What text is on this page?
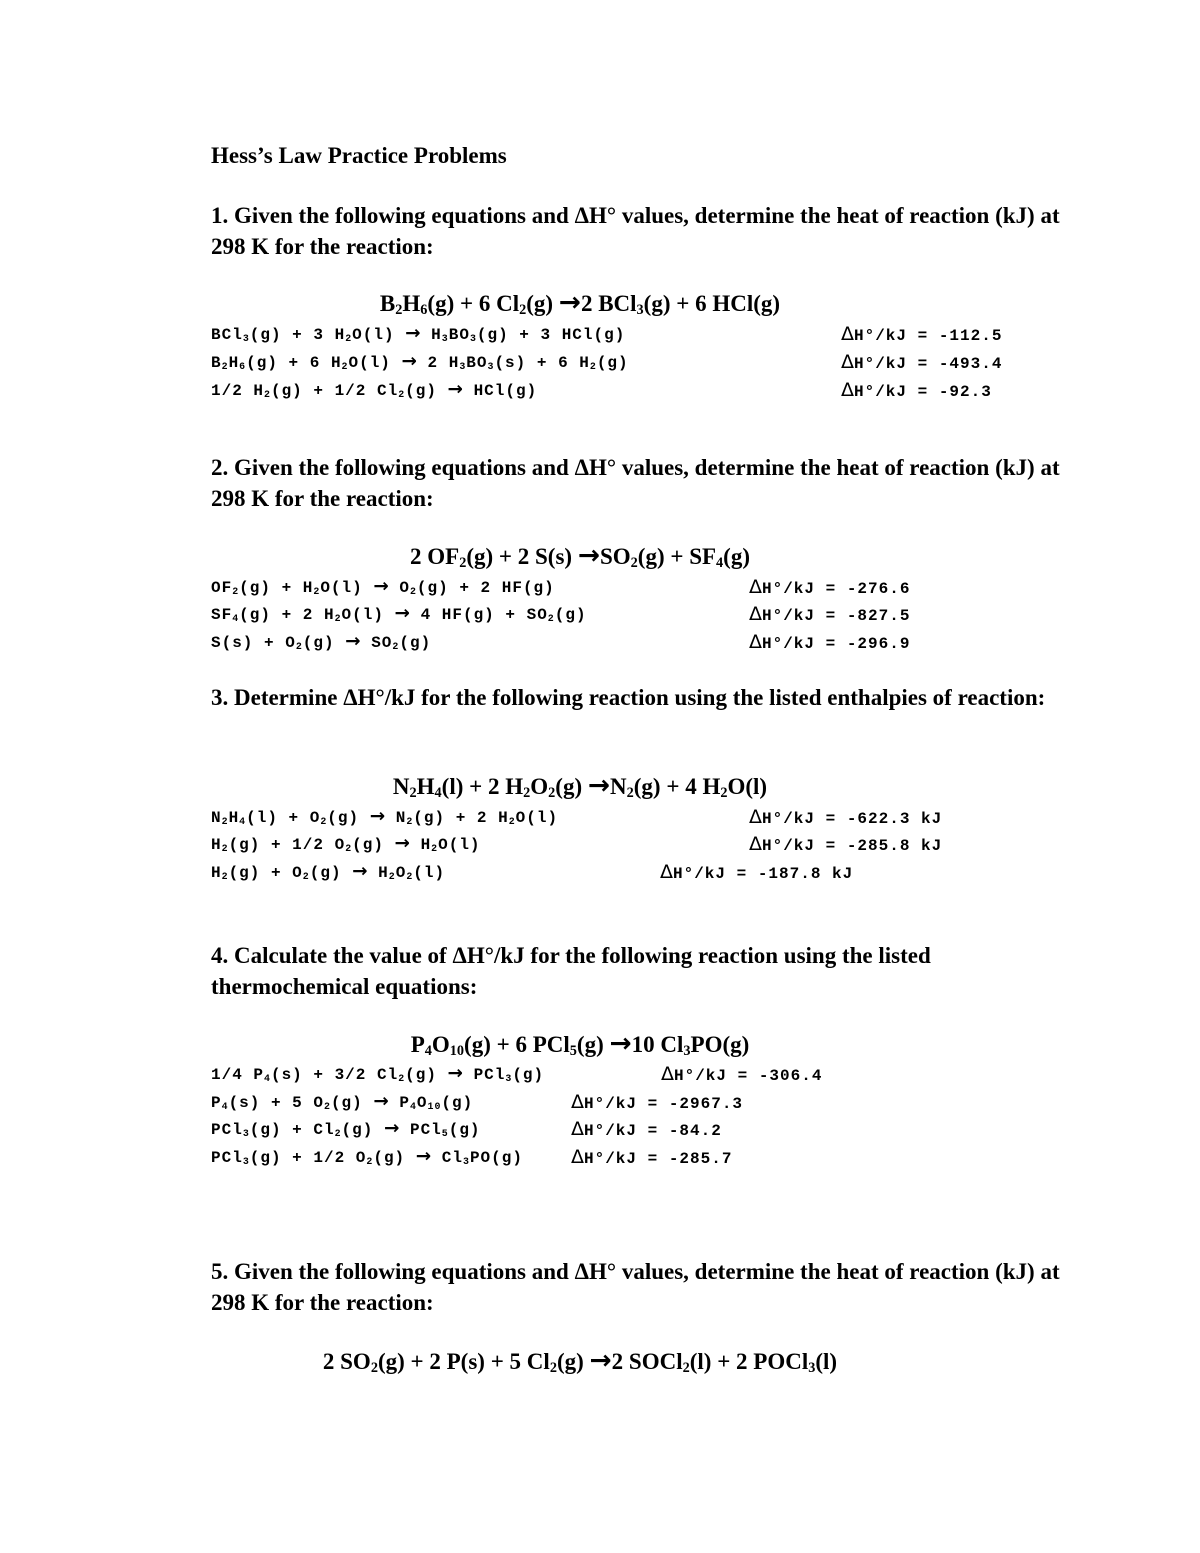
Hess’s Law Practice Problems
1. Given the following equations and ΔH° values, determine the heat of reaction (kJ) at 298 K for the reaction:
$B_2H_6(g) + 6$ $Cl_2(g) \to 2$ BCl$_3$(g) + 6 HCl(g)
BCl$_3$(g) + 3 $H_2O(l) \to H_3BO_3(g) + 3$ HCl(g)	ΔH°/kJ = -112.5
$B_2H_6(g) + 6$ $H_2O(l) \to 2$ $H_3BO_3(s) + 6$ $H_2(g)$	ΔH°/kJ = -493.4
1/2 $H_2(g) + 1/2$ $Cl_2(g) \to HCl(g)$	ΔH°/kJ = -92.3
2. Given the following equations and ΔH° values, determine the heat of reaction (kJ) at 298 K for the reaction:
2 $OF_2(g) + 2$ $S(s) \to SO_2(g) + SF_4(g)$
$OF_2(g) + H_2O(l) \to O_2(g) + 2$ HF(g)	ΔH°/kJ = -276.6
$SF_4(g) + 2$ $H_2O(l) \to 4$ $HF(g) + SO_2(g)$	ΔH°/kJ = -827.5
$S(s) + O_2(g) \to SO_2(g)$	ΔH°/kJ = -296.9
3. Determine ΔH°/kJ for the following reaction using the listed enthalpies of reaction:
$N_2H_4(l) + 2$ $H_2O_2(g) \to N_2(g) + 4$ $H_2O(l)$
$N_2H_4(l) + O_2(g) \to N_2(g) + 2$ $H_2O(l)$	ΔH°/kJ = -622.3 kJ
$H_2(g) + 1/2$ $O_2(g) \to H_2O(l)$	ΔH°/kJ = -285.8 kJ
$H_2(g) + O_2(g) \to H_2O_2(l)$	ΔH°/kJ = -187.8 kJ
4. Calculate the value of ΔH°/kJ for the following reaction using the listed thermochemical equations:
$P_4O_{10}(g) + 6$ PCl$_5$(g) →10 $Cl_3PO(g)$
1/4 $P_4(s) + 3/2$ $Cl_2(g) \to PCl_3(g)$	ΔH°/kJ = -306.4
$P_4(s) + 5$ $O_2(g) \to P_4O_{10}(g)$	ΔH°/kJ = -2967.3
$PCl_3(g) + Cl_2(g) \to PCl_5(g)$	ΔH°/kJ = -84.2
PCl$_3$(g) + 1/2 $O_2(g) \to Cl_3PO(g)$	ΔH°/kJ = -285.7
5. Given the following equations and ΔH° values, determine the heat of reaction (kJ) at 298 K for the reaction:
2 $SO_2(g) + 2$ P(s) + 5 $Cl_2(g) \to 2$ SOCl$_2$(l) + 2 POCl$_3$(l)
